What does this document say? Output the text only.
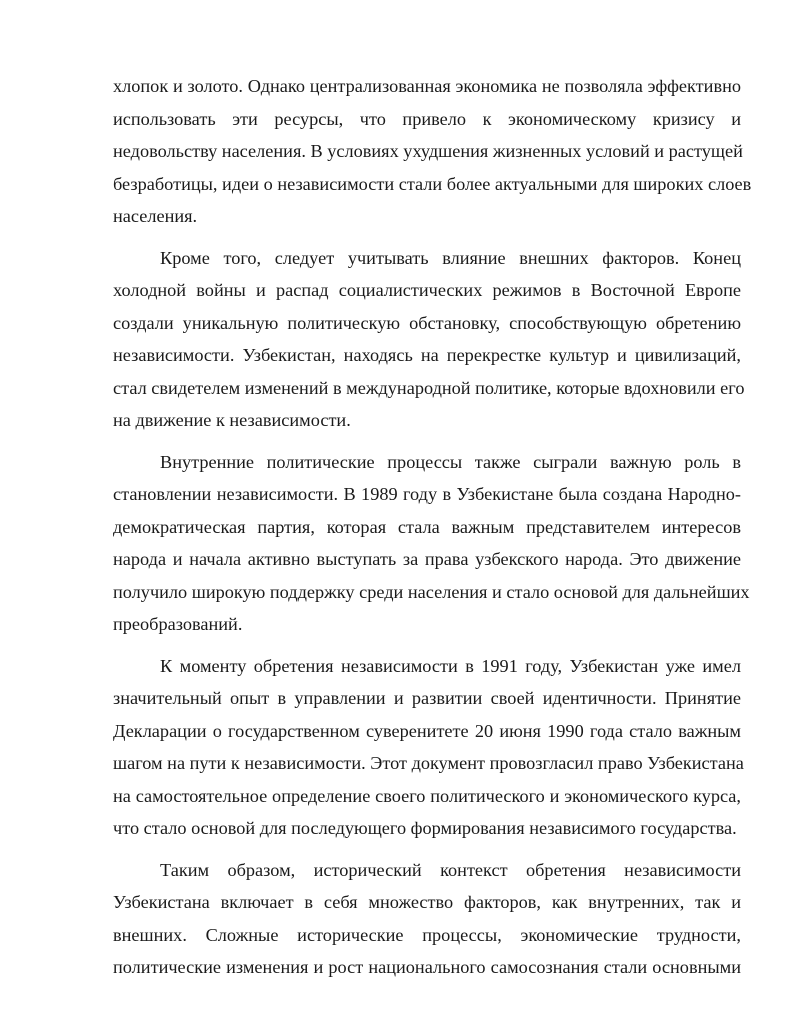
хлопок и золото. Однако централизованная экономика не позволяла эффективно
использовать эти ресурсы, что привело к экономическому кризису и
недовольству населения. В условиях ухудшения жизненных условий и растущей
безработицы, идеи о независимости стали более актуальными для широких слоев
населения.

Кроме того, следует учитывать влияние внешних факторов. Конец
холодной войны и распад социалистических режимов в Восточной Европе
создали уникальную политическую обстановку, способствующую обретению
независимости. Узбекистан, находясь на перекрестке культур и цивилизаций,
стал свидетелем изменений в международной политике, которые вдохновили его
на движение к независимости.

Внутренние политические процессы также сыграли важную роль в
становлении независимости. В 1989 году в Узбекистане была создана Народно-
демократическая партия, которая стала важным представителем интересов
народа и начала активно выступать за права узбекского народа. Это движение
получило широкую поддержку среди населения и стало основой для дальнейших
преобразований.

К моменту обретения независимости в 1991 году, Узбекистан уже имел
значительный опыт в управлении и развитии своей идентичности. Принятие
Декларации о государственном суверенитете 20 июня 1990 года стало важным
шагом на пути к независимости. Этот документ провозгласил право Узбекистана
на самостоятельное определение своего политического и экономического курса,
что стало основой для последующего формирования независимого государства.

Таким образом, исторический контекст обретения независимости
Узбекистана включает в себя множество факторов, как внутренних, так и
внешних. Сложные исторические процессы, экономические трудности,
политические изменения и рост национального самосознания стали основными
